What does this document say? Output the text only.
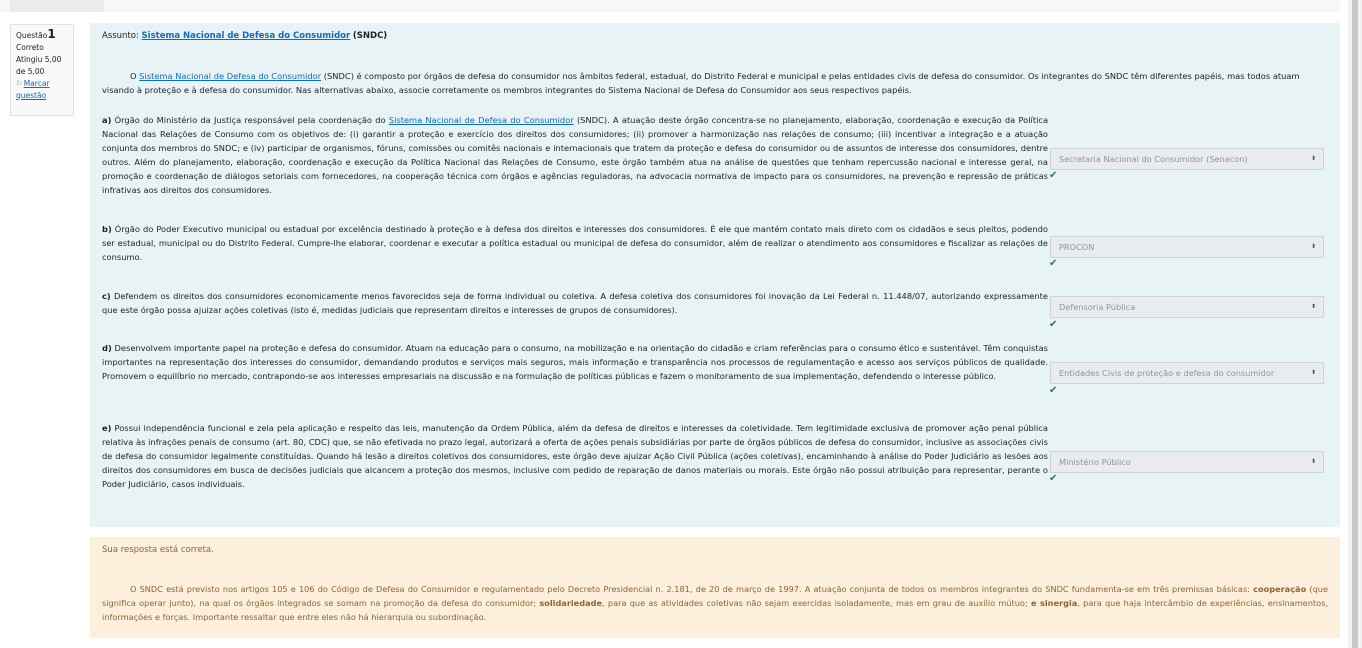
Questão1
Correto
Atingiu 5,00
de 5,00
⚐Marcar questão
Assunto: Sistema Nacional de Defesa do Consumidor (SNDC)
O Sistema Nacional de Defesa do Consumidor (SNDC) é composto por órgãos de defesa do consumidor nos âmbitos federal, estadual, do Distrito Federal e municipal e pelas entidades civis de defesa do consumidor. Os integrantes do SNDC têm diferentes papéis, mas todos atuam visando à proteção e à defesa do consumidor. Nas alternativas abaixo, associe corretamente os membros integrantes do Sistema Nacional de Defesa do Consumidor aos seus respectivos papéis.
a) Órgão do Ministério da Justiça responsável pela coordenação do Sistema Nacional de Defesa do Consumidor (SNDC). A atuação deste órgão concentra-se no planejamento, elaboração, coordenação e execução da Política Nacional das Relações de Consumo com os objetivos de: (i) garantir a proteção e exercício dos direitos dos consumidores; (ii) promover a harmonização nas relações de consumo; (iii) incentivar a integração e a atuação conjunta dos membros do SNDC; e (iv) participar de organismos, fóruns, comissões ou comitês nacionais e internacionais que tratem da proteção e defesa do consumidor ou de assuntos de interesse dos consumidores, dentre outros. Além do planejamento, elaboração, coordenação e execução da Política Nacional das Relações de Consumo, este órgão também atua na análise de questões que tenham repercussão nacional e interesse geral, na promoção e coordenação de diálogos setoriais com fornecedores, na cooperação técnica com órgãos e agências reguladoras, na advocacia normativa de impacto para os consumidores, na prevenção e repressão de práticas infrativas aos direitos dos consumidores.
Secretaria Nacional do Consumidor (Senacon)	⬍
✔
b) Órgão do Poder Executivo municipal ou estadual por excelência destinado à proteção e à defesa dos direitos e interesses dos consumidores. É ele que mantém contato mais direto com os cidadãos e seus pleitos, podendo ser estadual, municipal ou do Distrito Federal. Cumpre-lhe elaborar, coordenar e executar a política estadual ou municipal de defesa do consumidor, além de realizar o atendimento aos consumidores e fiscalizar as relações de consumo.
PROCON	⬍
✔
c) Defendem os direitos dos consumidores economicamente menos favorecidos seja de forma individual ou coletiva. A defesa coletiva dos consumidores foi inovação da Lei Federal n. 11.448/07, autorizando expressamente que este órgão possa ajuizar ações coletivas (isto é, medidas judiciais que representam direitos e interesses de grupos de consumidores).	Defensoria Pública	⬍
✔
d) Desenvolvem importante papel na proteção e defesa do consumidor. Atuam na educação para o consumo, na mobilização e na orientação do cidadão e criam referências para o consumo ético e sustentável. Têm conquistas importantes na representação dos interesses do consumidor, demandando produtos e serviços mais seguros, mais informação e transparência nos processos de regulamentação e acesso aos serviços públicos de qualidade. Promovem o equilíbrio no mercado, contrapondo-se aos interesses empresariais na discussão e na formulação de políticas públicas e fazem o monitoramento de sua implementação, defendendo o interesse público.	Entidades Civis de proteção e defesa do consumidor	⬍
✔
e) Possui independência funcional e zela pela aplicação e respeito das leis, manutenção da Ordem Pública, além da defesa de direitos e interesses da coletividade. Tem legitimidade exclusiva de promover ação penal pública relativa às infrações penais de consumo (art. 80, CDC) que, se não efetivada no prazo legal, autorizará a oferta de ações penais subsidiárias por parte de órgãos públicos de defesa do consumidor, inclusive as associações civis de defesa do consumidor legalmente constituídas. Quando há lesão a direitos coletivos dos consumidores, este órgão deve ajuizar Ação Civil Pública (ações coletivas), encaminhando à análise do Poder Judiciário as lesões aos direitos dos consumidores em busca de decisões judiciais que alcancem a proteção dos mesmos, inclusive com pedido de reparação de danos materiais ou morais. Este órgão não possui atribuição para representar, perante o Poder Judiciário, casos individuais.
Ministério Público	⬍
✔
Sua resposta está correta.
O SNDC está previsto nos artigos 105 e 106 do Código de Defesa do Consumidor e regulamentado pelo Decreto Presidencial n. 2.181, de 20 de março de 1997. A atuação conjunta de todos os membros integrantes do SNDC fundamenta-se em três premissas básicas: cooperação (que significa operar junto), na qual os órgãos integrados se somam na promoção da defesa do consumidor; solidariedade, para que as atividades coletivas não sejam exercidas isoladamente, mas em grau de auxílio mútuo; e sinergia, para que haja intercâmbio de experiências, ensinamentos, informações e forças. Importante ressaltar que entre eles não há hierarquia ou subordinação.
